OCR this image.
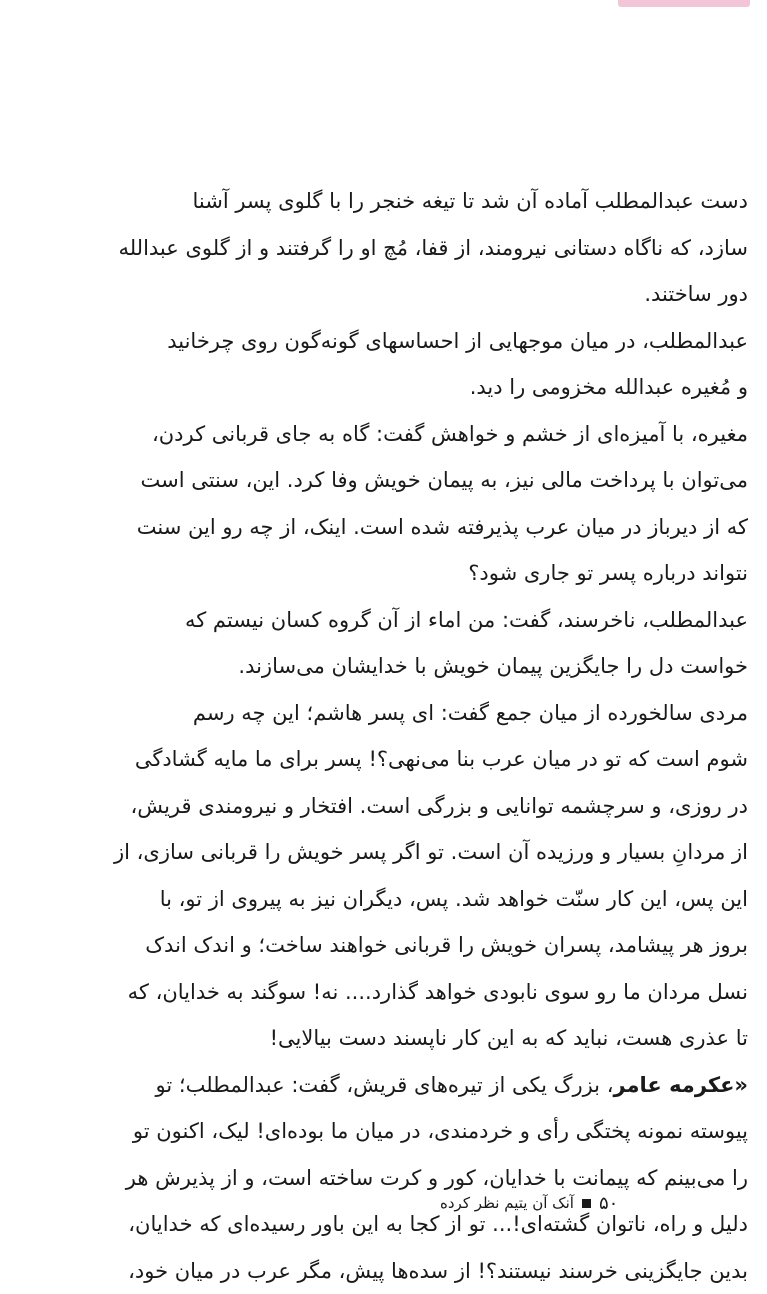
دست عبدالمطلب آماده آن شد تا تیغه خنجر را با گلوی پسر آشنا

سازد، که ناگاه دستانی نیرومند، از قفا، مُچ او را گرفتند و از گلوی عبدالله

دور ساختند.

عبدالمطلب، در میان موجهایی از احساسهای گونه‌گون روی چرخانید

و مُغیره عبدالله مخزومی را دید.

مغیره، با آمیزه‌ای از خشم و خواهش گفت: گاه به جای قربانی کردن،

می‌توان با پرداخت مالی نیز، به پیمان خویش وفا کرد. این، سنتی است

که از دیرباز در میان عرب پذیرفته شده است. اینک، از چه رو این سنت

نتواند درباره پسر تو جاری شود؟

عبدالمطلب، ناخرسند، گفت: من اماء از آن گروه کسان نیستم که

خواست دل را جایگزین پیمان خویش با خدایشان می‌سازند.

مردی سالخورده از میان جمع گفت: ای پسر هاشم؛ این چه رسم

شوم است که تو در میان عرب بنا می‌نهی؟! پسر برای ما مایه گشادگی

در روزی، و سرچشمه توانایی و بزرگی است. افتخار و نیرومندی قریش،

از مردانِ بسیار و ورزیده آن است. تو اگر پسر خویش را قربانی سازی، از

این پس، این کار سنّت خواهد شد. پس، دیگران نیز به پیروی از تو، با

بروز هر پیشامد، پسران خویش را قربانی خواهند ساخت؛ و اندک اندک

نسل مردان ما رو سوی نابودی خواهد گذارد.... نه! سوگند به خدایان، که

تا عذری هست، نباید که به این کار ناپسند دست بیالایی!

«عکرمه عامر، بزرگ یکی از تیره‌های قریش، گفت: عبدالمطلب؛ تو

پیوسته نمونه پختگی رأی و خردمندی، در میان ما بوده‌ای! لیک، اکنون تو

را می‌بینم که پیمانت با خدایان، کور و کرت ساخته است، و از پذیرش هر

دلیل و راه، ناتوان گشته‌ای!... تو از کجا به این باور رسیده‌ای که خدایان،

بدین جایگزینی خرسند نیستند؟! از سده‌ها پیش، مگر عرب در میان خود،

۵۰
آنک آن یتیم نظر کرده
